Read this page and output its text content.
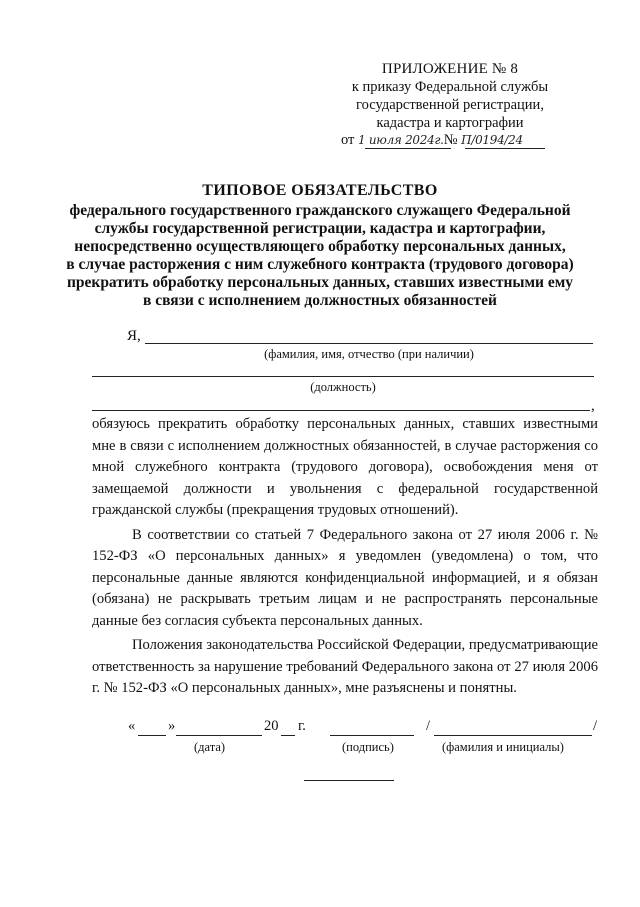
ПРИЛОЖЕНИЕ № 8
к приказу Федеральной службы
государственной регистрации,
кадастра и картографии
от 1 июля 2024г.№ П/0194/24
ТИПОВОЕ ОБЯЗАТЕЛЬСТВО
федерального государственного гражданского служащего Федеральной
службы государственной регистрации, кадастра и картографии,
непосредственно осуществляющего обработку персональных данных,
в случае расторжения с ним служебного контракта (трудового договора)
прекратить обработку персональных данных, ставших известными ему
в связи с исполнением должностных обязанностей
Я,
(фамилия, имя, отчество (при наличии)
(должность)
,

обязуюсь прекратить обработку персональных данных, ставших известными мне в связи с исполнением должностных обязанностей, в случае расторжения со мной служебного контракта (трудового договора), освобождения меня от замещаемой должности и увольнения с федеральной государственной гражданской службы (прекращения трудовых отношений).

В соответствии со статьей 7 Федерального закона от 27 июля 2006 г. № 152-ФЗ «О персональных данных» я уведомлен (уведомлена) о том, что персональные данные являются конфиденциальной информацией, и я обязан (обязана) не раскрывать третьим лицам и не распространять персональные данные без согласия субъекта персональных данных.

Положения законодательства Российской Федерации, предусматривающие ответственность за нарушение требований Федерального закона от 27 июля 2006 г. № 152-ФЗ «О персональных данных», мне разъяснены и понятны.

« »	20 г.	/	/
(дата)	(подпись)	(фамилия и инициалы)
